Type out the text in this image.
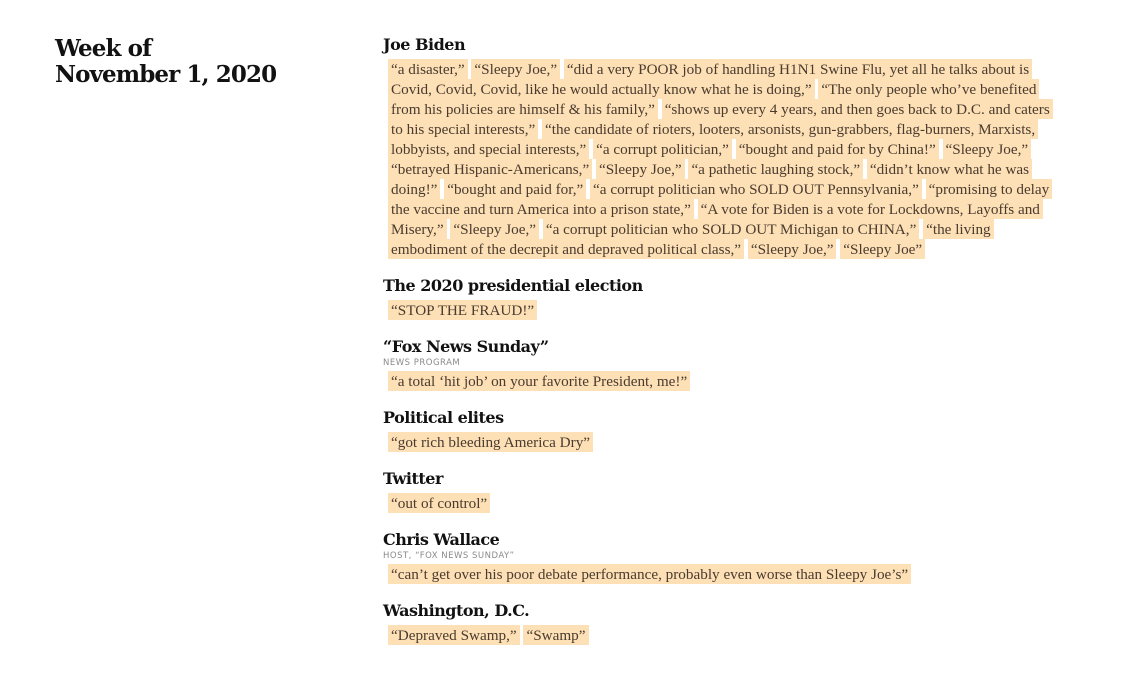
Week of
November 1, 2020
Joe Biden
“a disaster,” “Sleepy Joe,” “did a very POOR job of handling H1N1 Swine Flu, yet all he talks about is Covid, Covid, Covid, like he would actually know what he is doing,” “The only people who’ve benefited from his policies are himself & his family,” “shows up every 4 years, and then goes back to D.C. and caters to his special interests,” “the candidate of rioters, looters, arsonists, gun-grabbers, flag-burners, Marxists, lobbyists, and special interests,” “a corrupt politician,” “bought and paid for by China!” “Sleepy Joe,” “betrayed Hispanic-Americans,” “Sleepy Joe,” “a pathetic laughing stock,” “didn’t know what he was doing!” “bought and paid for,” “a corrupt politician who SOLD OUT Pennsylvania,” “promising to delay the vaccine and turn America into a prison state,” “A vote for Biden is a vote for Lockdowns, Layoffs and Misery,” “Sleepy Joe,” “a corrupt politician who SOLD OUT Michigan to CHINA,” “the living embodiment of the decrepit and depraved political class,” “Sleepy Joe,” “Sleepy Joe”
The 2020 presidential election
“STOP THE FRAUD!”
“Fox News Sunday”
NEWS PROGRAM
“a total ‘hit job’ on your favorite President, me!”
Political elites
“got rich bleeding America Dry”
Twitter
“out of control”
Chris Wallace
HOST, “FOX NEWS SUNDAY”
“can’t get over his poor debate performance, probably even worse than Sleepy Joe’s”
Washington, D.C.
“Depraved Swamp,” “Swamp”
